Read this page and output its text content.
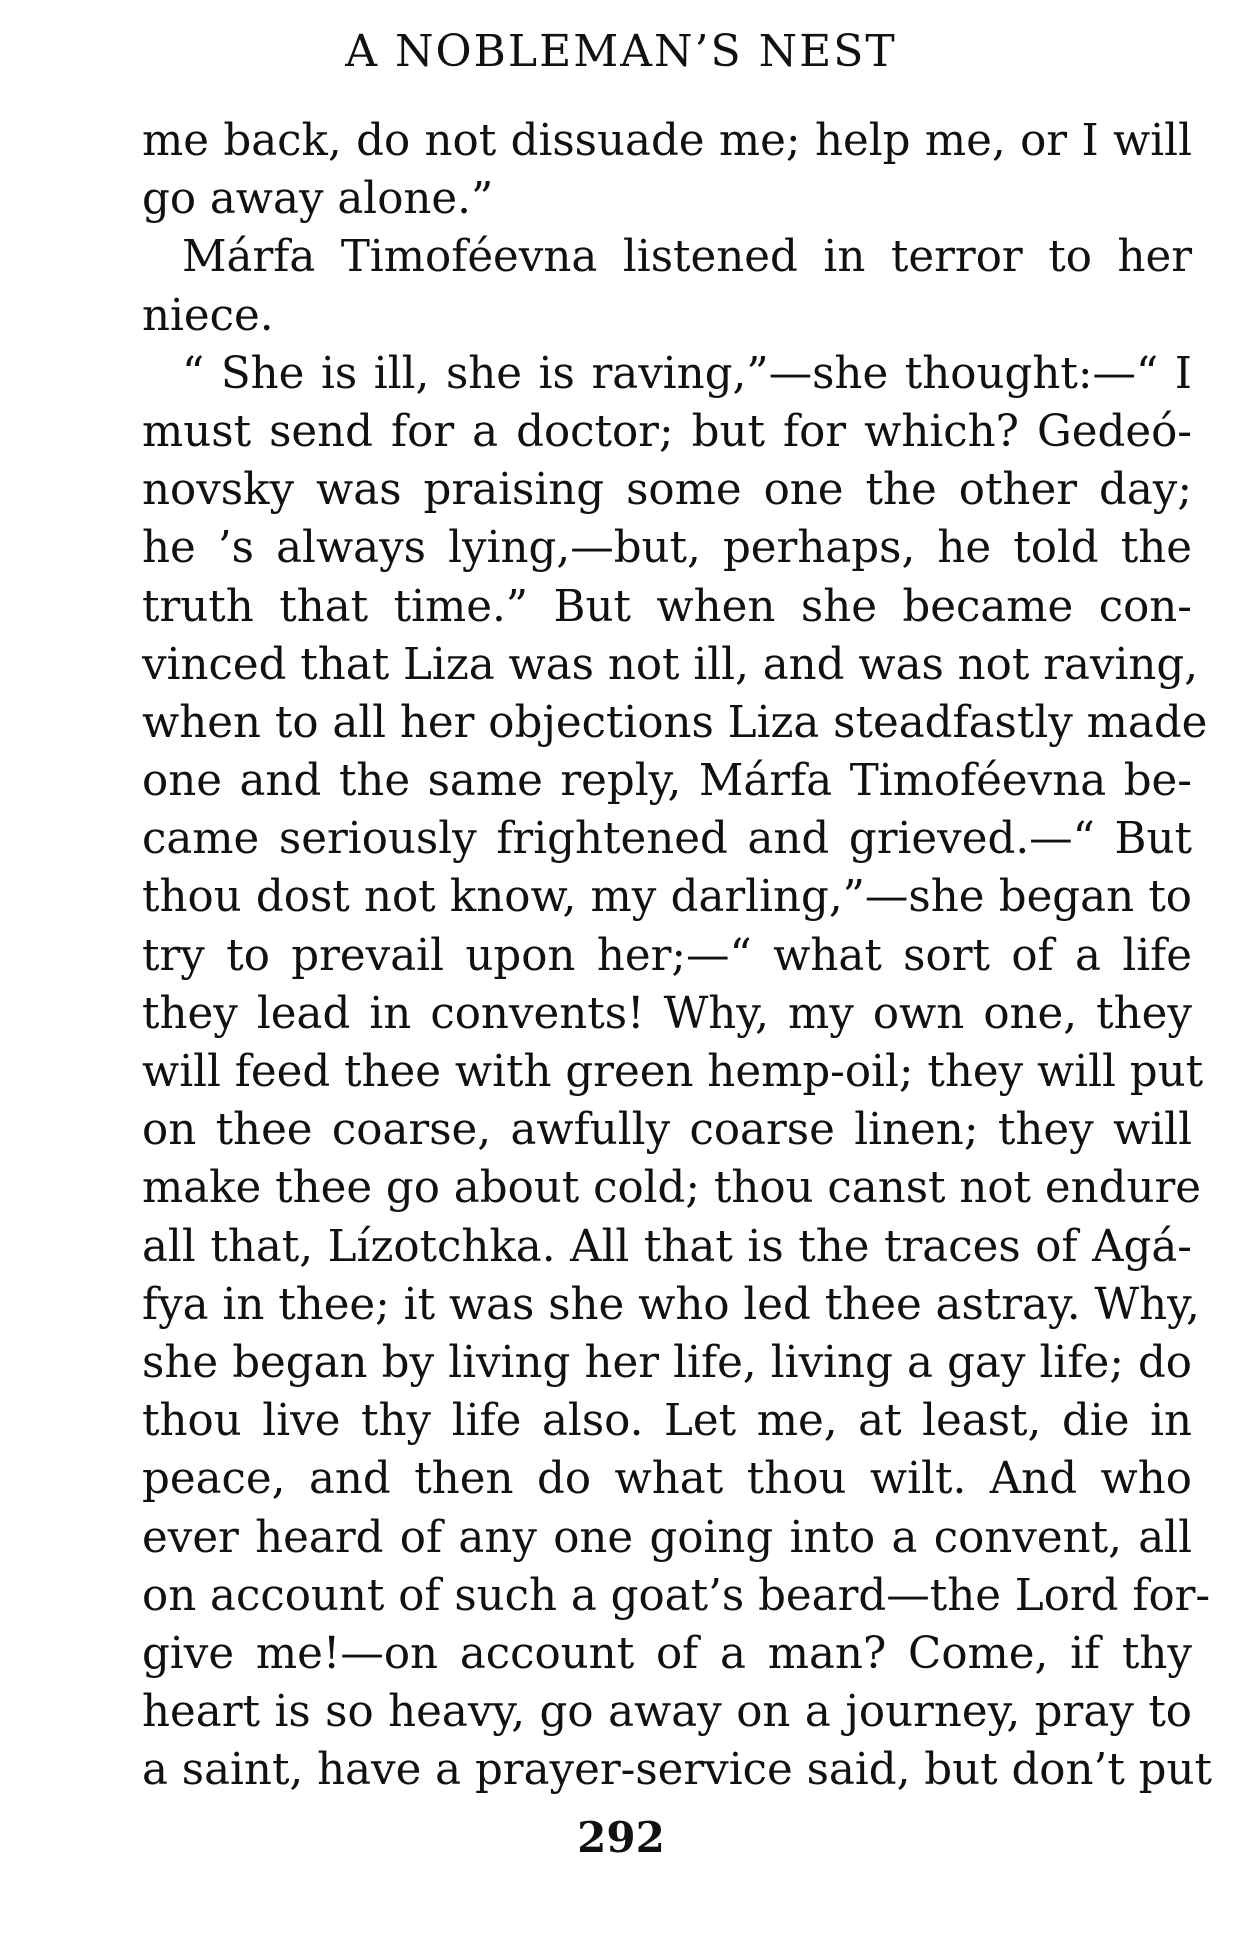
A NOBLEMAN’S NEST
me back, do not dissuade me; help me, or I will
go away alone.”
Márfa Timoféevna listened in terror to her
niece.
“ She is ill, she is raving,”—she thought:—“ I
must send for a doctor; but for which? Gedeó-
novsky was praising some one the other day;
he ’s always lying,—but, perhaps, he told the
truth that time.” But when she became con-
vinced that Liza was not ill, and was not raving,
when to all her objections Liza steadfastly made
one and the same reply, Márfa Timoféevna be-
came seriously frightened and grieved.—“ But
thou dost not know, my darling,”—she began to
try to prevail upon her;—“ what sort of a life
they lead in convents! Why, my own one, they
will feed thee with green hemp-oil; they will put
on thee coarse, awfully coarse linen; they will
make thee go about cold; thou canst not endure
all that, Lízotchka. All that is the traces of Agá-
fya in thee; it was she who led thee astray. Why,
she began by living her life, living a gay life; do
thou live thy life also. Let me, at least, die in
peace, and then do what thou wilt. And who
ever heard of any one going into a convent, all
on account of such a goat’s beard—the Lord for-
give me!—on account of a man? Come, if thy
heart is so heavy, go away on a journey, pray to
a saint, have a prayer-service said, but don’t put
292
